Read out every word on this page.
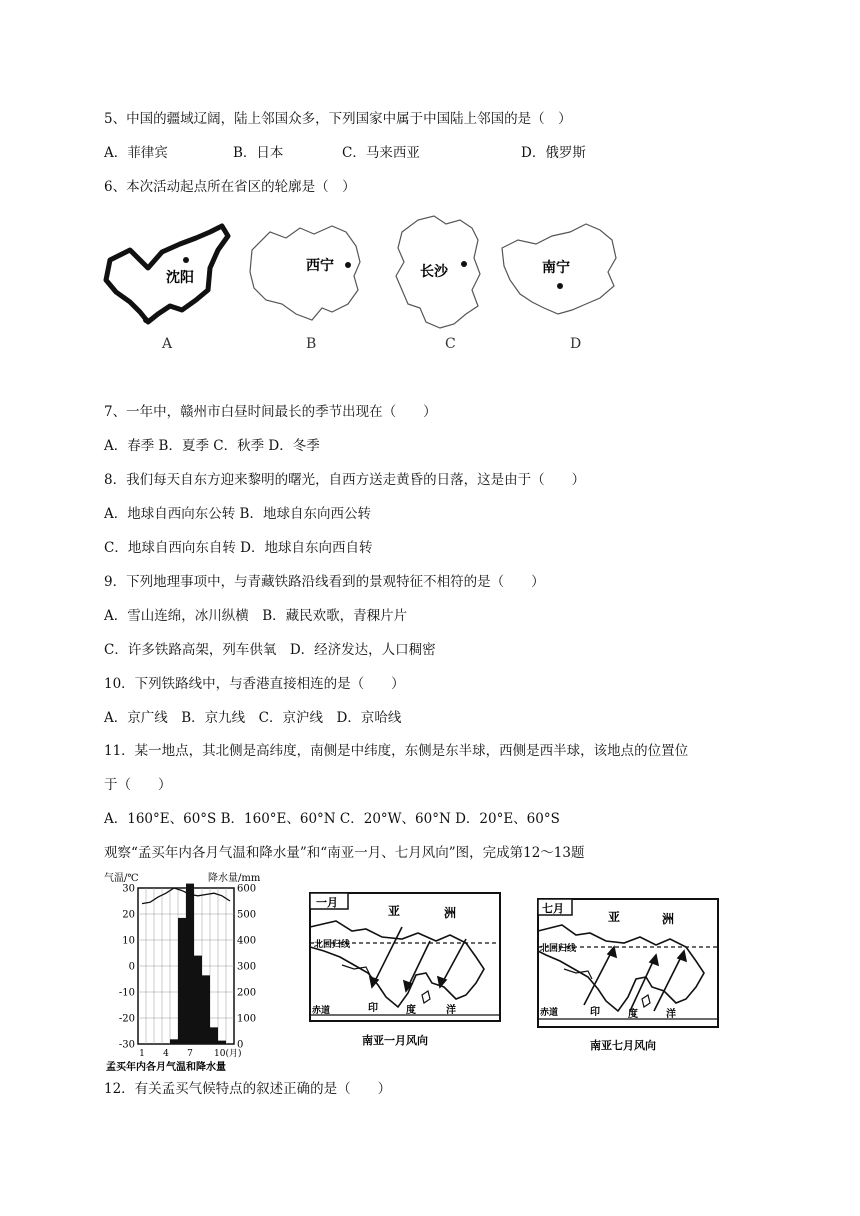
5、中国的疆域辽阔，陆上邻国众多，下列国家中属于中国陆上邻国的是（　）
A．菲律宾	B．日本	C．马来西亚	D．俄罗斯
6、本次活动起点所在省区的轮廓是（　）
沈阳
A
西宁
B
长沙
C
南宁
D
7、一年中，赣州市白昼时间最长的季节出现在（　　）
A．春季 B．夏季 C．秋季 D．冬季
8．我们每天自东方迎来黎明的曙光，自西方送走黄昏的日落，这是由于（　　）
A．地球自西向东公转 B．地球自东向西公转
C．地球自西向东自转 D．地球自东向西自转
9．下列地理事项中，与青藏铁路沿线看到的景观特征不相符的是（　　）
A．雪山连绵，冰川纵横　B．藏民欢歌，青稞片片
C．许多铁路高架，列车供氧　D．经济发达，人口稠密
10．下列铁路线中，与香港直接相连的是（　　）
A．京广线　B．京九线　C．京沪线　D．京哈线
11．某一地点，其北侧是高纬度，南侧是中纬度，东侧是东半球，西侧是西半球，该地点的位置位
于（　　）
A．160°E、60°S B．160°E、60°N C．20°W、60°N D．20°E、60°S
观察“孟买年内各月气温和降水量”和“南亚一月、七月风向”图，完成第12～13题
气温/℃	降水量/mm
30
20
10
0
-10
-20
-30
600
500
400
300
200
100
0
1 4 7 10(月)
孟买年内各月气温和降水量
一月
北回归线
亚	洲
赤道	印	度	洋
南亚一月风向
七月
北回归线
亚	洲
赤道	印	度	洋
南亚七月风向
12．有关孟买气候特点的叙述正确的是（　　）
